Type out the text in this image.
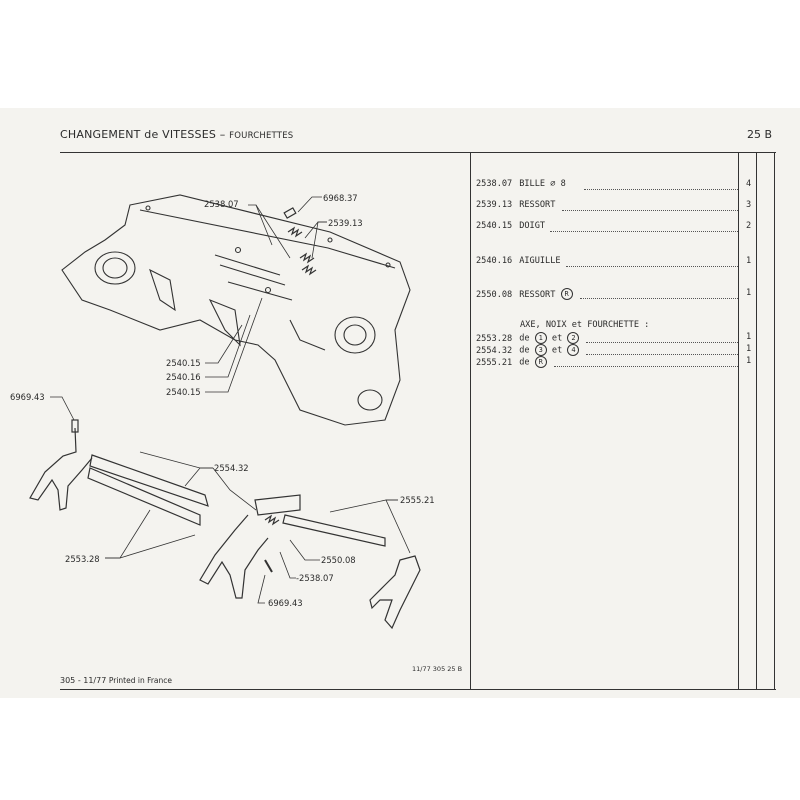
CHANGEMENT de VITESSES – FOURCHETTES	25 B
2538.07 BILLE ⌀ 8	4
2539.13 RESSORT	3
2540.15 DOIGT	2
2540.16 AIGUILLE	1
2550.08 RESSORT R	1
AXE, NOIX et FOURCHETTE :
2553.28 de 1 et 2	1
2554.32 de 3 et 4	1
2555.21 de R	1
2538.07
6968.37
2539.13
2540.15
2540.16
2540.15
6969.43
2554.32
2555.21
2553.28	2550.08
-2538.07
6969.43
305 - 11/77 Printed in France
11/77 305 25 B
